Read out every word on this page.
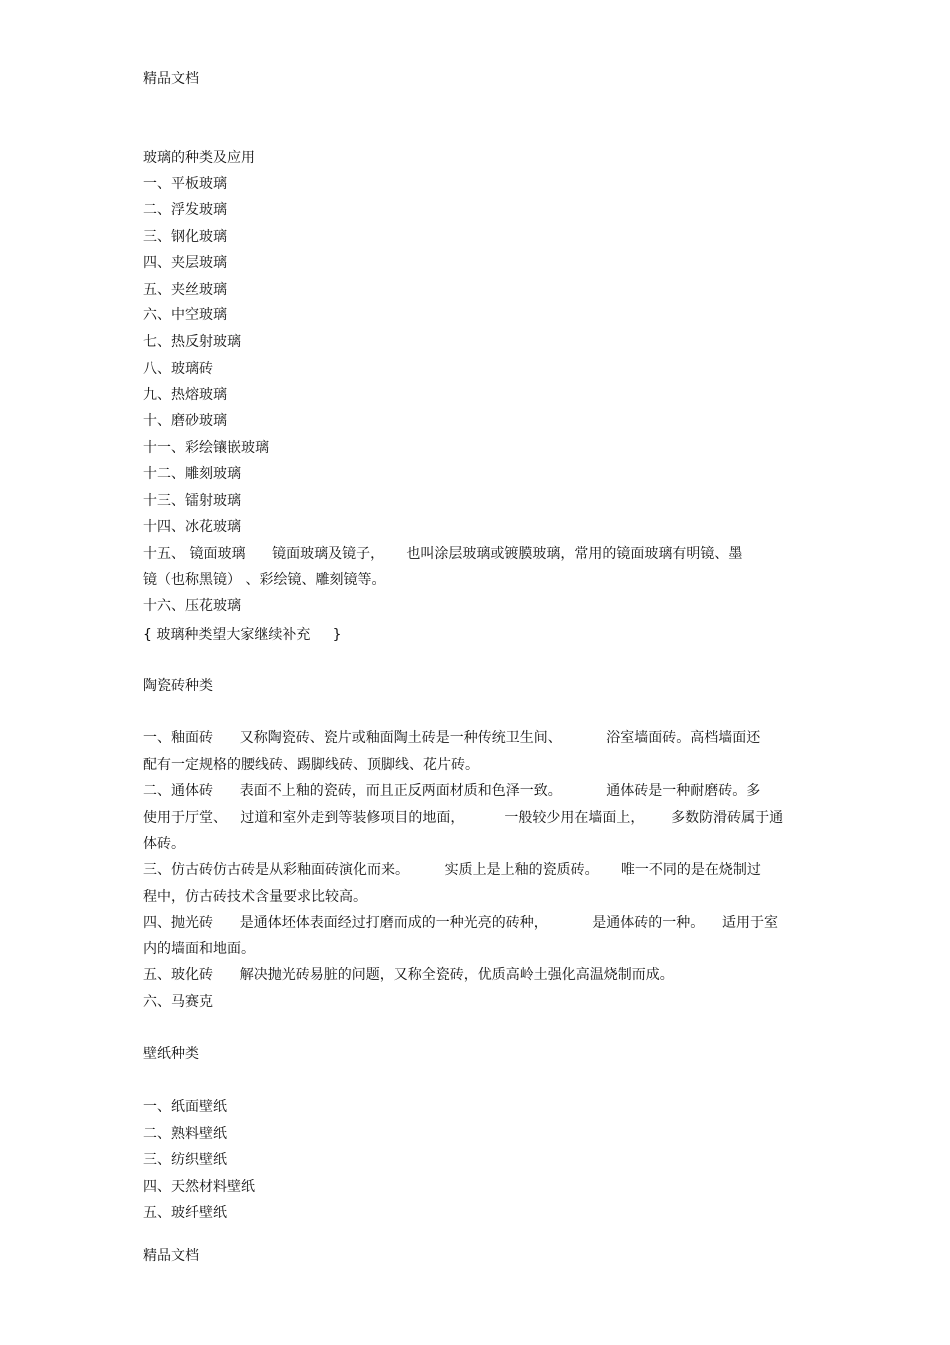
精品文档
玻璃的种类及应用
一、平板玻璃
二、浮发玻璃
三、钢化玻璃
四、夹层玻璃
五、夹丝玻璃
六、中空玻璃
七、热反射玻璃
八、玻璃砖
九、热熔玻璃
十、磨砂玻璃
十一、彩绘镶嵌玻璃
十二、雕刻玻璃
十三、镭射玻璃
十四、冰花玻璃
十五、 镜面玻璃      镜面玻璃及镜子，     也叫涂层玻璃或镀膜玻璃，常用的镜面玻璃有明镜、墨
镜（也称黑镜） 、彩绘镜、雕刻镜等。
十六、压花玻璃
{ 玻璃种类望大家继续补充     }
陶瓷砖种类
一、釉面砖      又称陶瓷砖、瓷片或釉面陶土砖是一种传统卫生间、          浴室墙面砖。高档墙面还
配有一定规格的腰线砖、踢脚线砖、顶脚线、花片砖。
二、通体砖      表面不上釉的瓷砖，而且正反两面材质和色泽一致。          通体砖是一种耐磨砖。多
使用于厅堂、   过道和室外走到等装修项目的地面，         一般较少用在墙面上，      多数防滑砖属于通
体砖。
三、仿古砖仿古砖是从彩釉面砖演化而来。        实质上是上釉的瓷质砖。     唯一不同的是在烧制过
程中，仿古砖技术含量要求比较高。
四、抛光砖      是通体坯体表面经过打磨而成的一种光亮的砖种，          是通体砖的一种。    适用于室
内的墙面和地面。
五、玻化砖      解决抛光砖易脏的问题，又称全瓷砖，优质高岭土强化高温烧制而成。
六、马赛克
壁纸种类
一、纸面壁纸
二、熟料壁纸
三、纺织壁纸
四、天然材料壁纸
五、玻纤壁纸
精品文档
